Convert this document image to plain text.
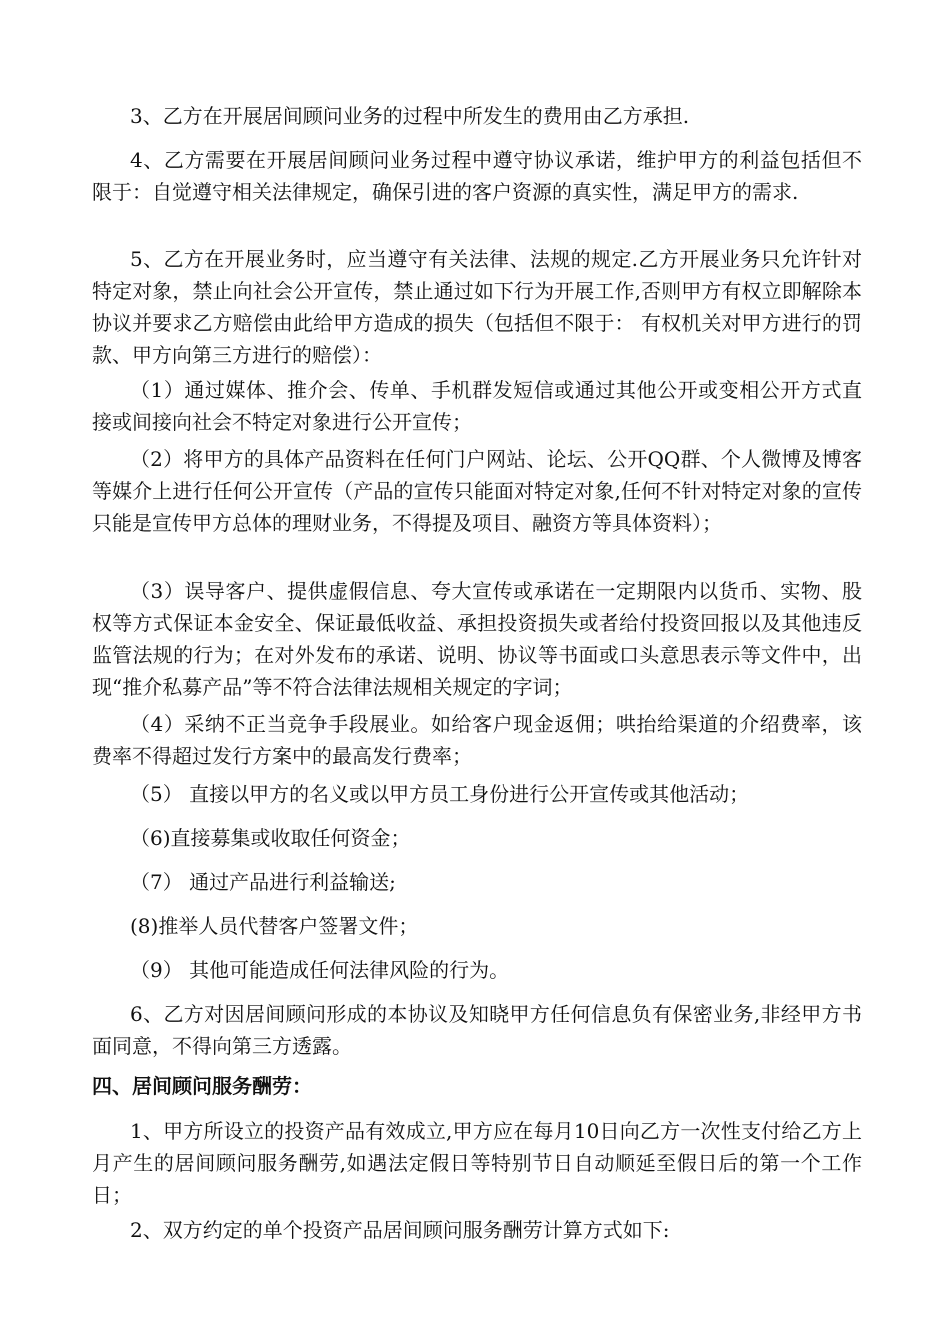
3、乙方在开展居间顾问业务的过程中所发生的费用由乙方承担.

4、乙方需要在开展居间顾问业务过程中遵守协议承诺，维护甲方的利益包括但不限于：自觉遵守相关法律规定，确保引进的客户资源的真实性，满足甲方的需求.

5、乙方在开展业务时，应当遵守有关法律、法规的规定.乙方开展业务只允许针对特定对象，禁止向社会公开宣传，禁止通过如下行为开展工作,否则甲方有权立即解除本协议并要求乙方赔偿由此给甲方造成的损失（包括但不限于： 有权机关对甲方进行的罚款、甲方向第三方进行的赔偿）：

（1）通过媒体、推介会、传单、手机群发短信或通过其他公开或变相公开方式直接或间接向社会不特定对象进行公开宣传；

（2）将甲方的具体产品资料在任何门户网站、论坛、公开QQ群、个人微博及博客等媒介上进行任何公开宣传（产品的宣传只能面对特定对象,任何不针对特定对象的宣传只能是宣传甲方总体的理财业务，不得提及项目、融资方等具体资料）；

（3）误导客户、提供虚假信息、夸大宣传或承诺在一定期限内以货币、实物、股权等方式保证本金安全、保证最低收益、承担投资损失或者给付投资回报以及其他违反监管法规的行为；在对外发布的承诺、说明、协议等书面或口头意思表示等文件中，出现“推介私募产品”等不符合法律法规相关规定的字词；

（4）采纳不正当竞争手段展业。如给客户现金返佣；哄抬给渠道的介绍费率，该费率不得超过发行方案中的最高发行费率；

（5） 直接以甲方的名义或以甲方员工身份进行公开宣传或其他活动；

（6)直接募集或收取任何资金；

（7） 通过产品进行利益输送;

(8)推举人员代替客户签署文件；

（9） 其他可能造成任何法律风险的行为。

6、乙方对因居间顾问形成的本协议及知晓甲方任何信息负有保密业务,非经甲方书面同意，不得向第三方透露。

四、居间顾问服务酬劳：

1、甲方所设立的投资产品有效成立,甲方应在每月10日向乙方一次性支付给乙方上月产生的居间顾问服务酬劳,如遇法定假日等特别节日自动顺延至假日后的第一个工作日；

2、双方约定的单个投资产品居间顾问服务酬劳计算方式如下:
